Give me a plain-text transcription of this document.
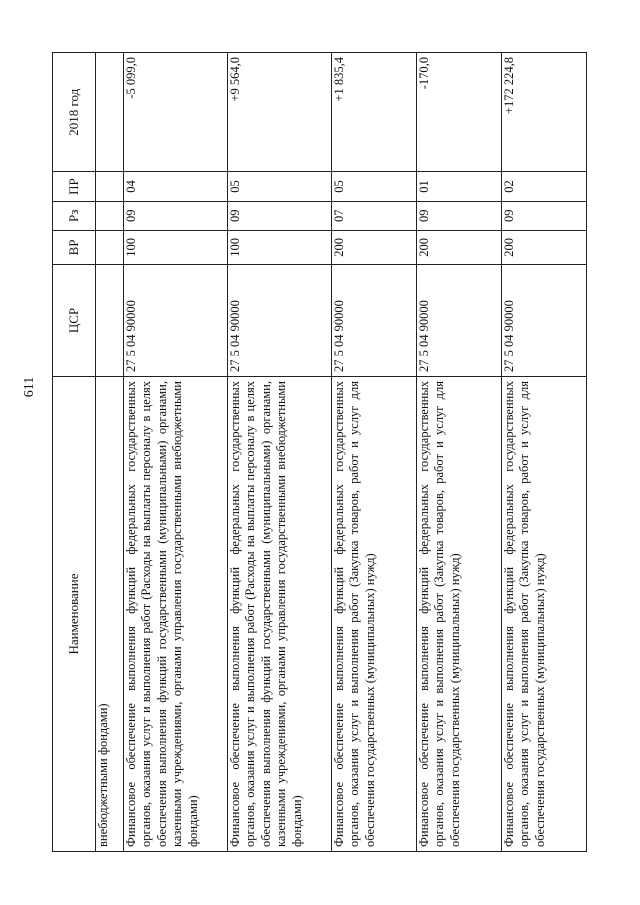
611
Наименование	ЦСР	ВР	Рз	ПР	2018 год
внебюджетными фондами)					
Финансовое обеспечение выполнения функций федеральных государственных органов, оказания услуг и выполнения работ (Расходы на выплаты персоналу в целях обеспечения выполнения функций государственными (муниципальными) органами, казенными учреждениями, органами управления государственными внебюджетными фондами)	27 5 04 90000	100	09	04	-5 099,0
Финансовое обеспечение выполнения функций федеральных государственных органов, оказания услуг и выполнения работ (Расходы на выплаты персоналу в целях обеспечения выполнения функций государственными (муниципальными) органами, казенными учреждениями, органами управления государственными внебюджетными фондами)	27 5 04 90000	100	09	05	+9 564,0
Финансовое обеспечение выполнения функций федеральных государственных органов, оказания услуг и выполнения работ (Закупка товаров, работ и услуг для обеспечения государственных (муниципальных) нужд)	27 5 04 90000	200	07	05	+1 835,4
Финансовое обеспечение выполнения функций федеральных государственных органов, оказания услуг и выполнения работ (Закупка товаров, работ и услуг для обеспечения государственных (муниципальных) нужд)	27 5 04 90000	200	09	01	-170,0
Финансовое обеспечение выполнения функций федеральных государственных органов, оказания услуг и выполнения работ (Закупка товаров, работ и услуг для обеспечения государственных (муниципальных) нужд)	27 5 04 90000	200	09	02	+172 224,8
